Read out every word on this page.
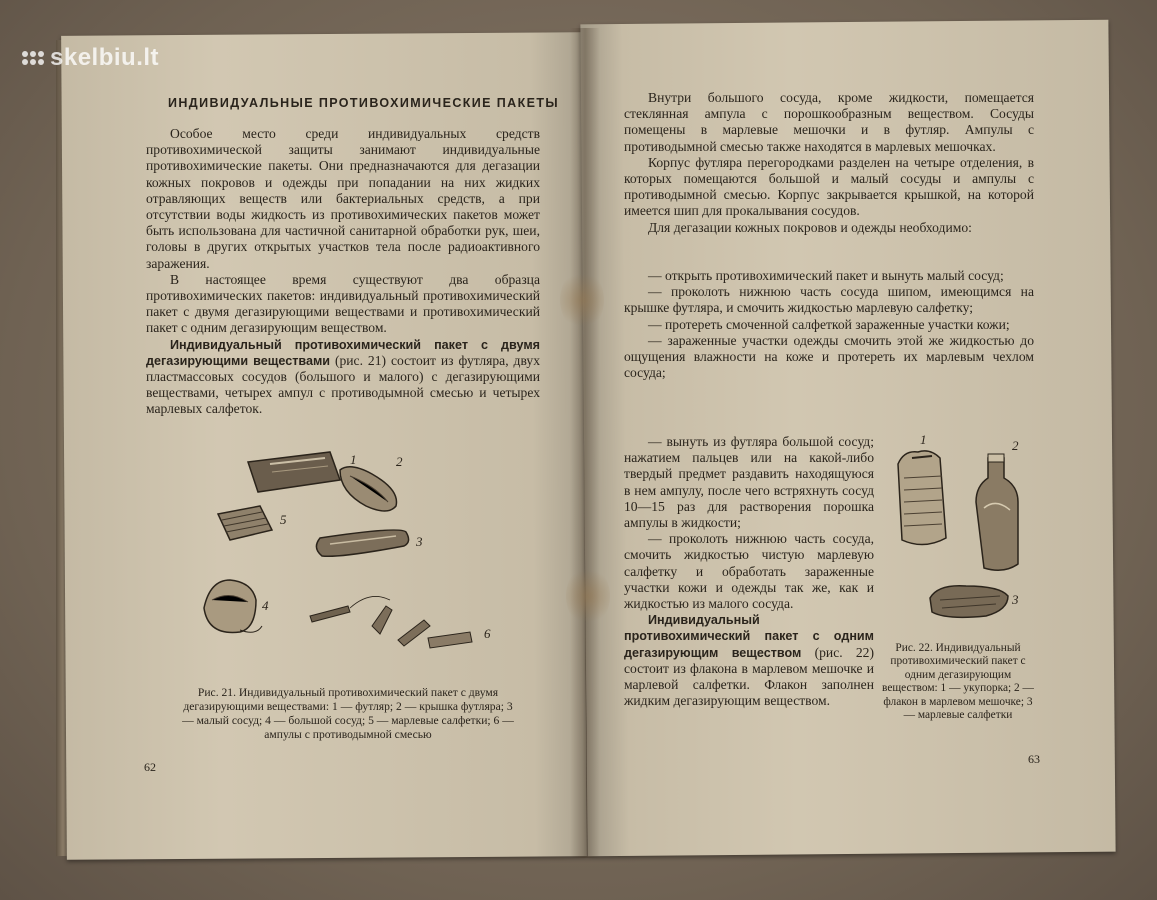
skelbiu.lt
ИНДИВИДУАЛЬНЫЕ ПРОТИВОХИМИЧЕСКИЕ ПАКЕТЫ

Особое место среди индивидуальных средств противохимической защиты занимают индивидуальные противохимические пакеты. Они предназначаются для дегазации кожных покровов и одежды при попадании на них жидких отравляющих веществ или бактериальных средств, а при отсутствии воды жидкость из противохимических пакетов может быть использована для частичной санитарной обработки рук, шеи, головы в других открытых участков тела после радиоактивного заражения.

В настоящее время существуют два образца противохимических пакетов: индивидуальный противохимический пакет с двумя дегазирующими веществами и противохимический пакет с одним дегазирующим веществом.

Индивидуальный противохимический пакет с двумя дегазирующими веществами (рис. 21) состоит из футляра, двух пластмассовых сосудов (большого и малого) с дегазирующими веществами, четырех ампул с противодымной смесью и четырех марлевых салфеток.

1	2
3
4
5
6
Рис. 21. Индивидуальный противохимический пакет с двумя дегазирующими веществами: 1 — футляр; 2 — крышка футляра; 3 — малый сосуд; 4 — большой сосуд; 5 — марлевые салфетки; 6 — ампулы с противодымной смесью
62

Внутри большого сосуда, кроме жидкости, помещается стеклянная ампула с порошкообразным веществом. Сосуды помещены в марлевые мешочки и в футляр. Ампулы с противодымной смесью также находятся в марлевых мешочках.

Корпус футляра перегородками разделен на четыре отделения, в которых помещаются большой и малый сосуды и ампулы с противодымной смесью. Корпус закрывается крышкой, на которой имеется шип для прокалывания сосудов.

Для дегазации кожных покровов и одежды необходимо:

— открыть противохимический пакет и вынуть малый сосуд;

— проколоть нижнюю часть сосуда шипом, имеющимся на крышке футляра, и смочить жидкостью марлевую салфетку;

— протереть смоченной салфеткой зараженные участки кожи;

— зараженные участки одежды смочить этой же жидкостью до ощущения влажности на коже и протереть их марлевым чехлом сосуда;

— вынуть из футляра большой сосуд; нажатием пальцев или на какой-либо твердый предмет раздавить находящуюся в нем ампулу, после чего встряхнуть сосуд 10—15 раз для растворения порошка ампулы в жидкости;

— проколоть нижнюю часть сосуда, смочить жидкостью чистую марлевую салфетку и обработать зараженные участки кожи и одежды так же, как и жидкостью из малого сосуда.

Индивидуальный противохимический пакет с одним дегазирующим веществом (рис. 22) состоит из флакона в марлевом мешочке и марлевой салфетки. Флакон заполнен жидким дегазирующим веществом.

1	2
3
Рис. 22. Индивидуальный противохимический пакет с одним дегазирующим веществом: 1 — укупорка; 2 — флакон в марлевом мешочке; 3 — марлевые салфетки
63
